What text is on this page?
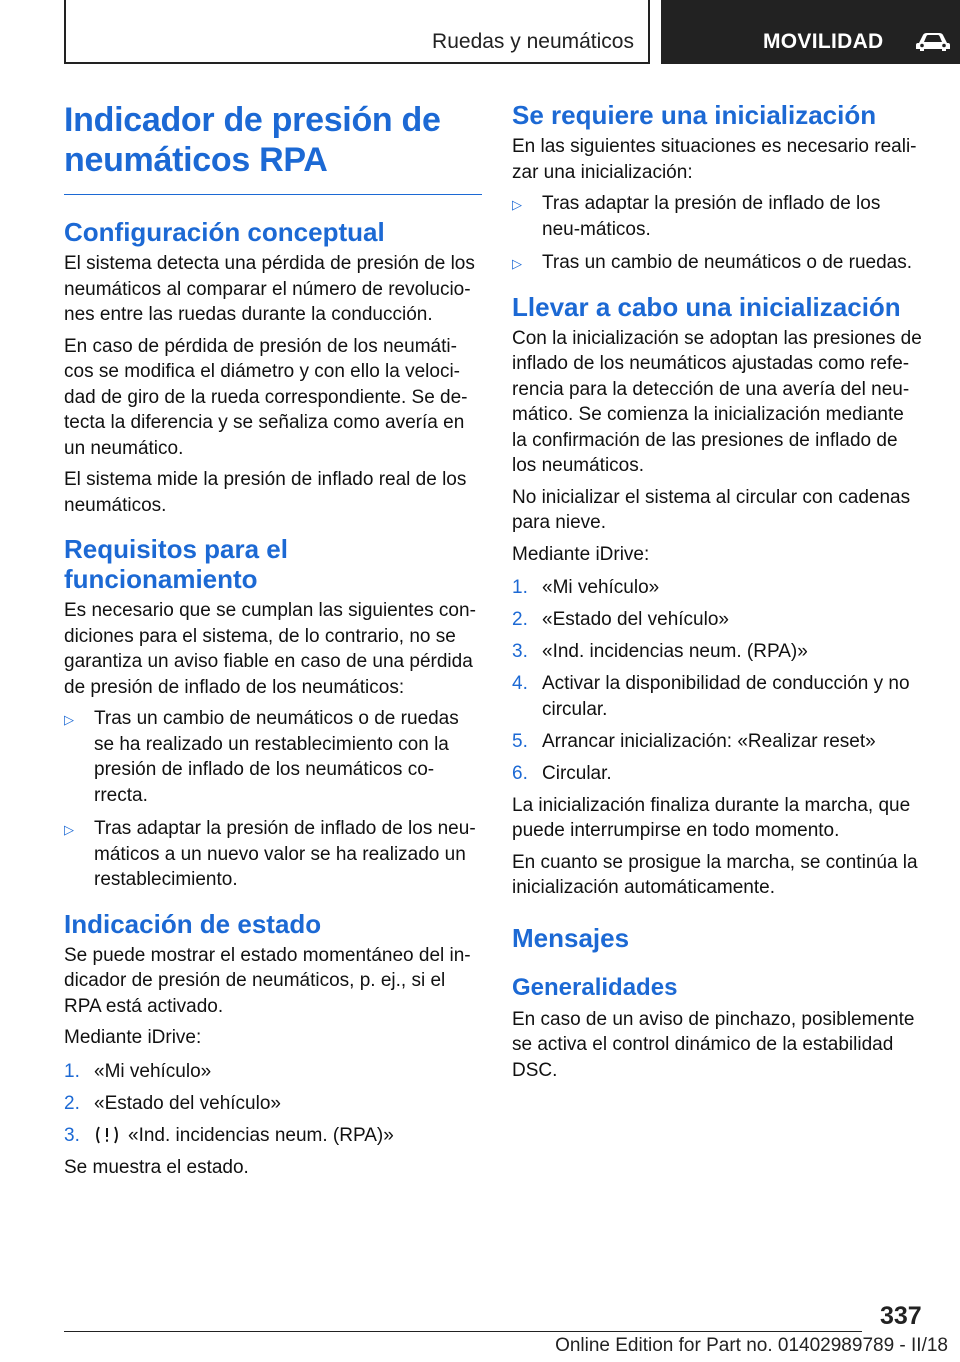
Ruedas y neumáticos	MOVILIDAD
Indicador de presión de neumáticos RPA
Configuración conceptual

El sistema detecta una pérdida de presión de los neumáticos al comparar el número de revolucio‐nes entre las ruedas durante la conducción.

En caso de pérdida de presión de los neumáti‐cos se modifica el diámetro y con ello la veloci‐dad de giro de la rueda correspondiente. Se de‐tecta la diferencia y se señaliza como avería en un neumático.

El sistema mide la presión de inflado real de los neumáticos.

Requisitos para el funcionamiento

Es necesario que se cumplan las siguientes con‐diciones para el sistema, de lo contrario, no se garantiza un aviso fiable en caso de una pérdida de presión de inflado de los neumáticos:

▷ Tras un cambio de neumáticos o de ruedas se ha realizado un restablecimiento con la presión de inflado de los neumáticos co‐rrecta.
▷ Tras adaptar la presión de inflado de los neu‐máticos a un nuevo valor se ha realizado un restablecimiento.
Indicación de estado

Se puede mostrar el estado momentáneo del in‐dicador de presión de neumáticos, p. ej., si el RPA está activado.

Mediante iDrive:

1. «Mi vehículo»
2. «Estado del vehículo»
3.	«Ind. incidencias neum. (RPA)»

Se muestra el estado.

Se requiere una inicialización

En las siguientes situaciones es necesario reali‐zar una inicialización:

▷ Tras adaptar la presión de inflado de los neu‐máticos.
▷ Tras un cambio de neumáticos o de ruedas.
Llevar a cabo una inicialización

Con la inicialización se adoptan las presiones de inflado de los neumáticos ajustadas como refe‐rencia para la detección de una avería del neu‐mático. Se comienza la inicialización mediante la confirmación de las presiones de inflado de los neumáticos.

No inicializar el sistema al circular con cadenas para nieve.

Mediante iDrive:

1. «Mi vehículo»
2. «Estado del vehículo»
3. «Ind. incidencias neum. (RPA)»
4. Activar la disponibilidad de conducción y no circular.
5. Arrancar inicialización: «Realizar reset»
6. Circular.

La inicialización finaliza durante la marcha, que puede interrumpirse en todo momento.

En cuanto se prosigue la marcha, se continúa la inicialización automáticamente.

Mensajes
Generalidades

En caso de un aviso de pinchazo, posiblemente se activa el control dinámico de la estabilidad DSC.

337
Online Edition for Part no. 01402989789 - II/18
